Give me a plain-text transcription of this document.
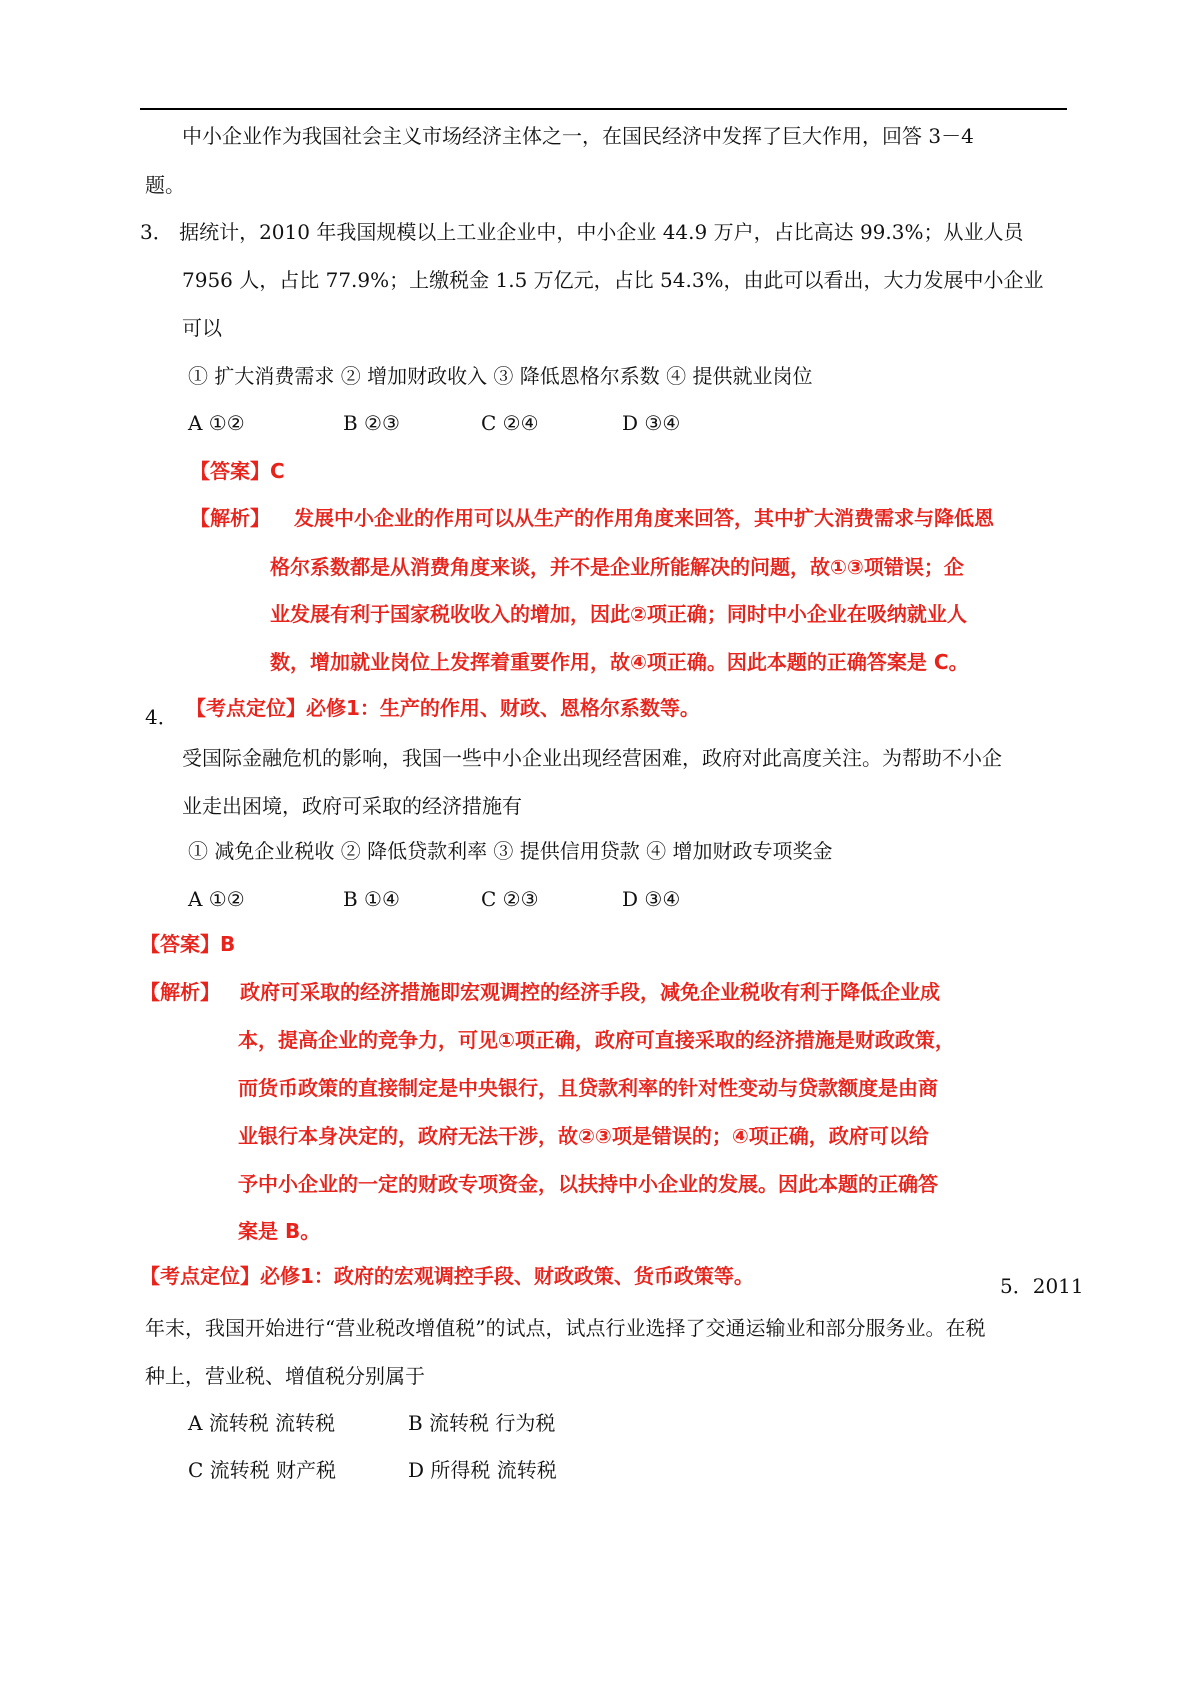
中小企业作为我国社会主义市场经济主体之一，在国民经济中发挥了巨大作用，回答 3－4
题。
3． 据统计，2010 年我国规模以上工业企业中，中小企业 44.9 万户，占比高达 99.3%；从业人员
7956 人，占比 77.9%；上缴税金 1.5 万亿元，占比 54.3%，由此可以看出，大力发展中小企业
可以
① 扩大消费需求 ② 增加财政收入 ③ 降低恩格尔系数 ④ 提供就业岗位
A ①②	B ②③	C ②④	D ③④
【答案】C
【解析】 发展中小企业的作用可以从生产的作用角度来回答，其中扩大消费需求与降低恩
格尔系数都是从消费角度来谈，并不是企业所能解决的问题，故①③项错误；企
业发展有利于国家税收收入的增加，因此②项正确；同时中小企业在吸纳就业人
数，增加就业岗位上发挥着重要作用，故④项正确。因此本题的正确答案是 C。
4． 【考点定位】必修1：生产的作用、财政、恩格尔系数等。
受国际金融危机的影响，我国一些中小企业出现经营困难，政府对此高度关注。为帮助不小企
业走出困境，政府可采取的经济措施有
① 减免企业税收 ② 降低贷款利率 ③ 提供信用贷款 ④ 增加财政专项奖金
A ①②	B ①④	C ②③	D ③④
【答案】B
【解析】 政府可采取的经济措施即宏观调控的经济手段，减免企业税收有利于降低企业成
本，提高企业的竞争力，可见①项正确，政府可直接采取的经济措施是财政政策，
而货币政策的直接制定是中央银行，且贷款利率的针对性变动与贷款额度是由商
业银行本身决定的，政府无法干涉，故②③项是错误的；④项正确，政府可以给
予中小企业的一定的财政专项资金，以扶持中小企业的发展。因此本题的正确答
案是 B。
【考点定位】必修1：政府的宏观调控手段、财政政策、货币政策等。	5．2011
年末，我国开始进行“营业税改增值税”的试点，试点行业选择了交通运输业和部分服务业。在税
种上，营业税、增值税分别属于
A 流转税 流转税	B 流转税 行为税
C 流转税 财产税	D 所得税 流转税
